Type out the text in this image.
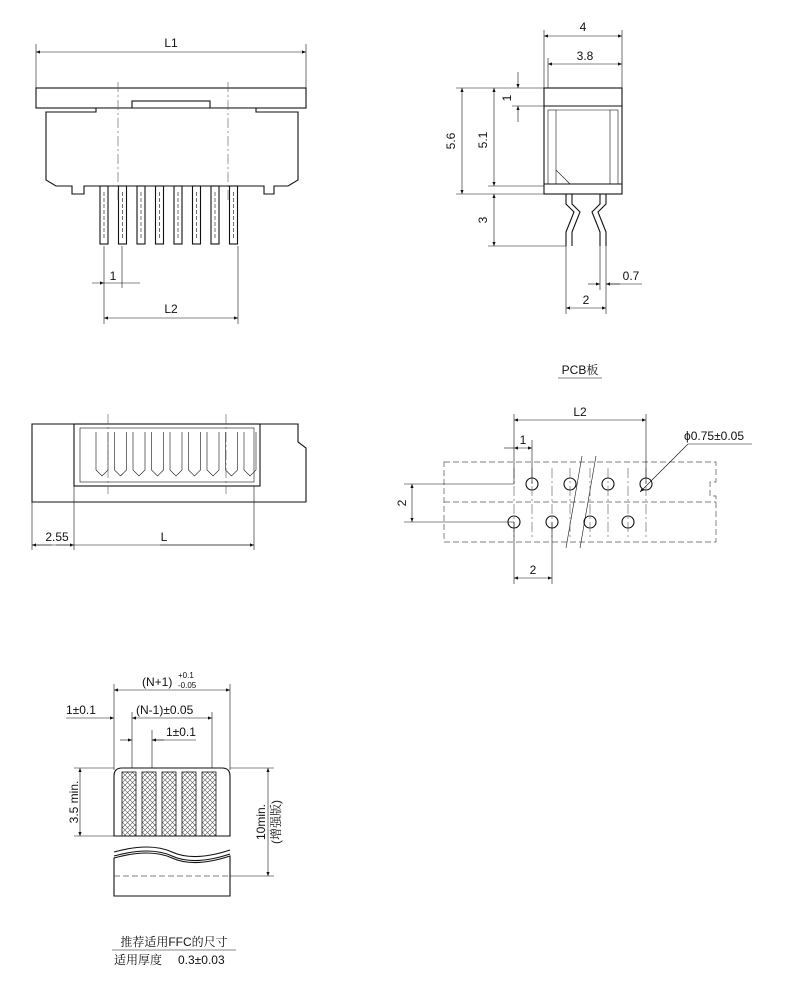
L1
1
L2
4
3.8
5.6 5.1
1
3
0.7
2
2.55	L
PCB板
L2
1
2
2
ϕ0.75±0.05
(N+1) +0.1
-0.05
(N-1)±0.05
1±0.1
1±0.1
3.5 min.	10min. (增强版)
推荐适用FFC的尺寸
适用厚度 0.3±0.03
